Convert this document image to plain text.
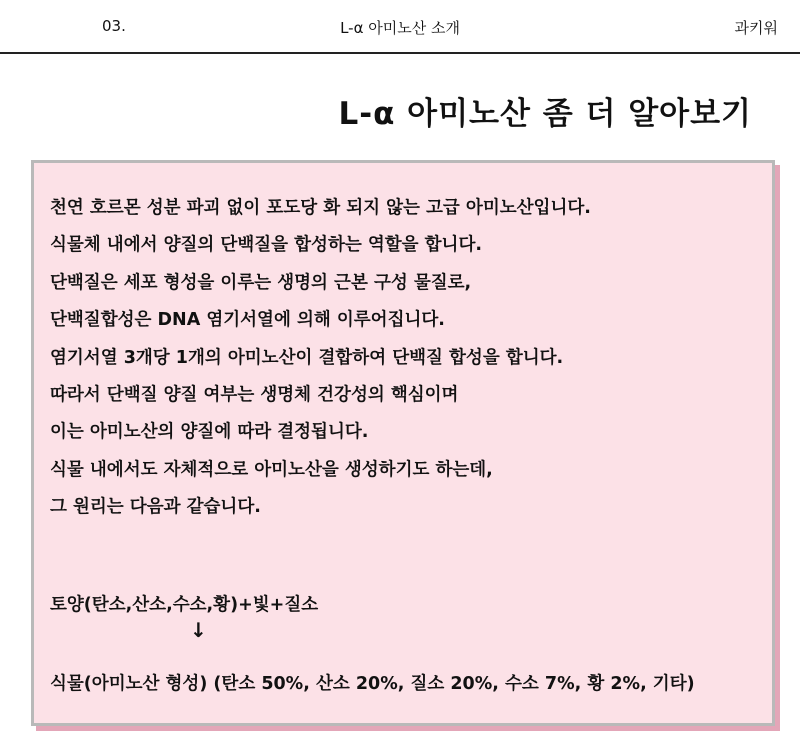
03.	L-α 아미노산 소개	과키워
L-α 아미노산 좀 더 알아보기
천연 호르몬 성분 파괴 없이 포도당 화 되지 않는 고급 아미노산입니다.
식물체 내에서 양질의 단백질을 합성하는 역할을 합니다.
단백질은 세포 형성을 이루는 생명의 근본 구성 물질로,
단백질합성은 DNA 염기서열에 의해 이루어집니다.
염기서열 3개당 1개의 아미노산이 결합하여 단백질 합성을 합니다.
따라서 단백질 양질 여부는 생명체 건강성의 핵심이며
이는 아미노산의 양질에 따라 결정됩니다.
식물 내에서도 자체적으로 아미노산을 생성하기도 하는데,
그 원리는 다음과 같습니다.
토양(탄소,산소,수소,황)+빛+질소
↓
식물(아미노산 형성) (탄소 50%, 산소 20%, 질소 20%, 수소 7%, 황 2%, 기타)
